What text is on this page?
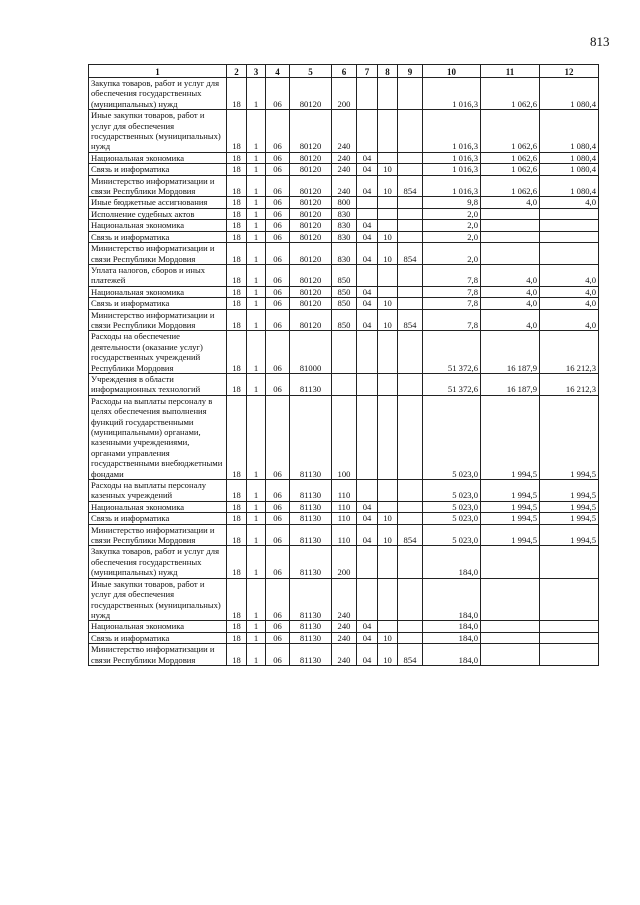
813
1	2	3	4	5	6	7	8	9	10	11	12
Закупка товаров, работ и услуг для обеспечения государственных (муниципальных) нужд	18	1	06	80120	200				1 016,3	1 062,6	1 080,4
Иные закупки товаров, работ и услуг для обеспечения государственных (муниципальных) нужд	18	1	06	80120	240				1 016,3	1 062,6	1 080,4
Национальная экономика	18	1	06	80120	240	04			1 016,3	1 062,6	1 080,4
Связь и информатика	18	1	06	80120	240	04	10		1 016,3	1 062,6	1 080,4
Министерство информатизации и связи Республики Мордовия	18	1	06	80120	240	04	10	854	1 016,3	1 062,6	1 080,4
Иные бюджетные ассигнования	18	1	06	80120	800				9,8	4,0	4,0
Исполнение судебных актов	18	1	06	80120	830				2,0		
Национальная экономика	18	1	06	80120	830	04			2,0		
Связь и информатика	18	1	06	80120	830	04	10		2,0		
Министерство информатизации и связи Республики Мордовия	18	1	06	80120	830	04	10	854	2,0		
Уплата налогов, сборов и иных платежей	18	1	06	80120	850				7,8	4,0	4,0
Национальная экономика	18	1	06	80120	850	04			7,8	4,0	4,0
Связь и информатика	18	1	06	80120	850	04	10		7,8	4,0	4,0
Министерство информатизации и связи Республики Мордовия	18	1	06	80120	850	04	10	854	7,8	4,0	4,0
Расходы на обеспечение деятельности (оказание услуг) государственных учреждений Республики Мордовия	18	1	06	81000					51 372,6	16 187,9	16 212,3
Учреждения в области информационных технологий	18	1	06	81130					51 372,6	16 187,9	16 212,3
Расходы на выплаты персоналу в целях обеспечения выполнения функций государственными (муниципальными) органами, казенными учреждениями, органами управления государственными внебюджетными фондами	18	1	06	81130	100				5 023,0	1 994,5	1 994,5
Расходы на выплаты персоналу казенных учреждений	18	1	06	81130	110				5 023,0	1 994,5	1 994,5
Национальная экономика	18	1	06	81130	110	04			5 023,0	1 994,5	1 994,5
Связь и информатика	18	1	06	81130	110	04	10		5 023,0	1 994,5	1 994,5
Министерство информатизации и связи Республики Мордовия	18	1	06	81130	110	04	10	854	5 023,0	1 994,5	1 994,5
Закупка товаров, работ и услуг для обеспечения государственных (муниципальных) нужд	18	1	06	81130	200				184,0		
Иные закупки товаров, работ и услуг для обеспечения государственных (муниципальных) нужд	18	1	06	81130	240				184,0		
Национальная экономика	18	1	06	81130	240	04			184,0		
Связь и информатика	18	1	06	81130	240	04	10		184,0		
Министерство информатизации и связи Республики Мордовия	18	1	06	81130	240	04	10	854	184,0		
